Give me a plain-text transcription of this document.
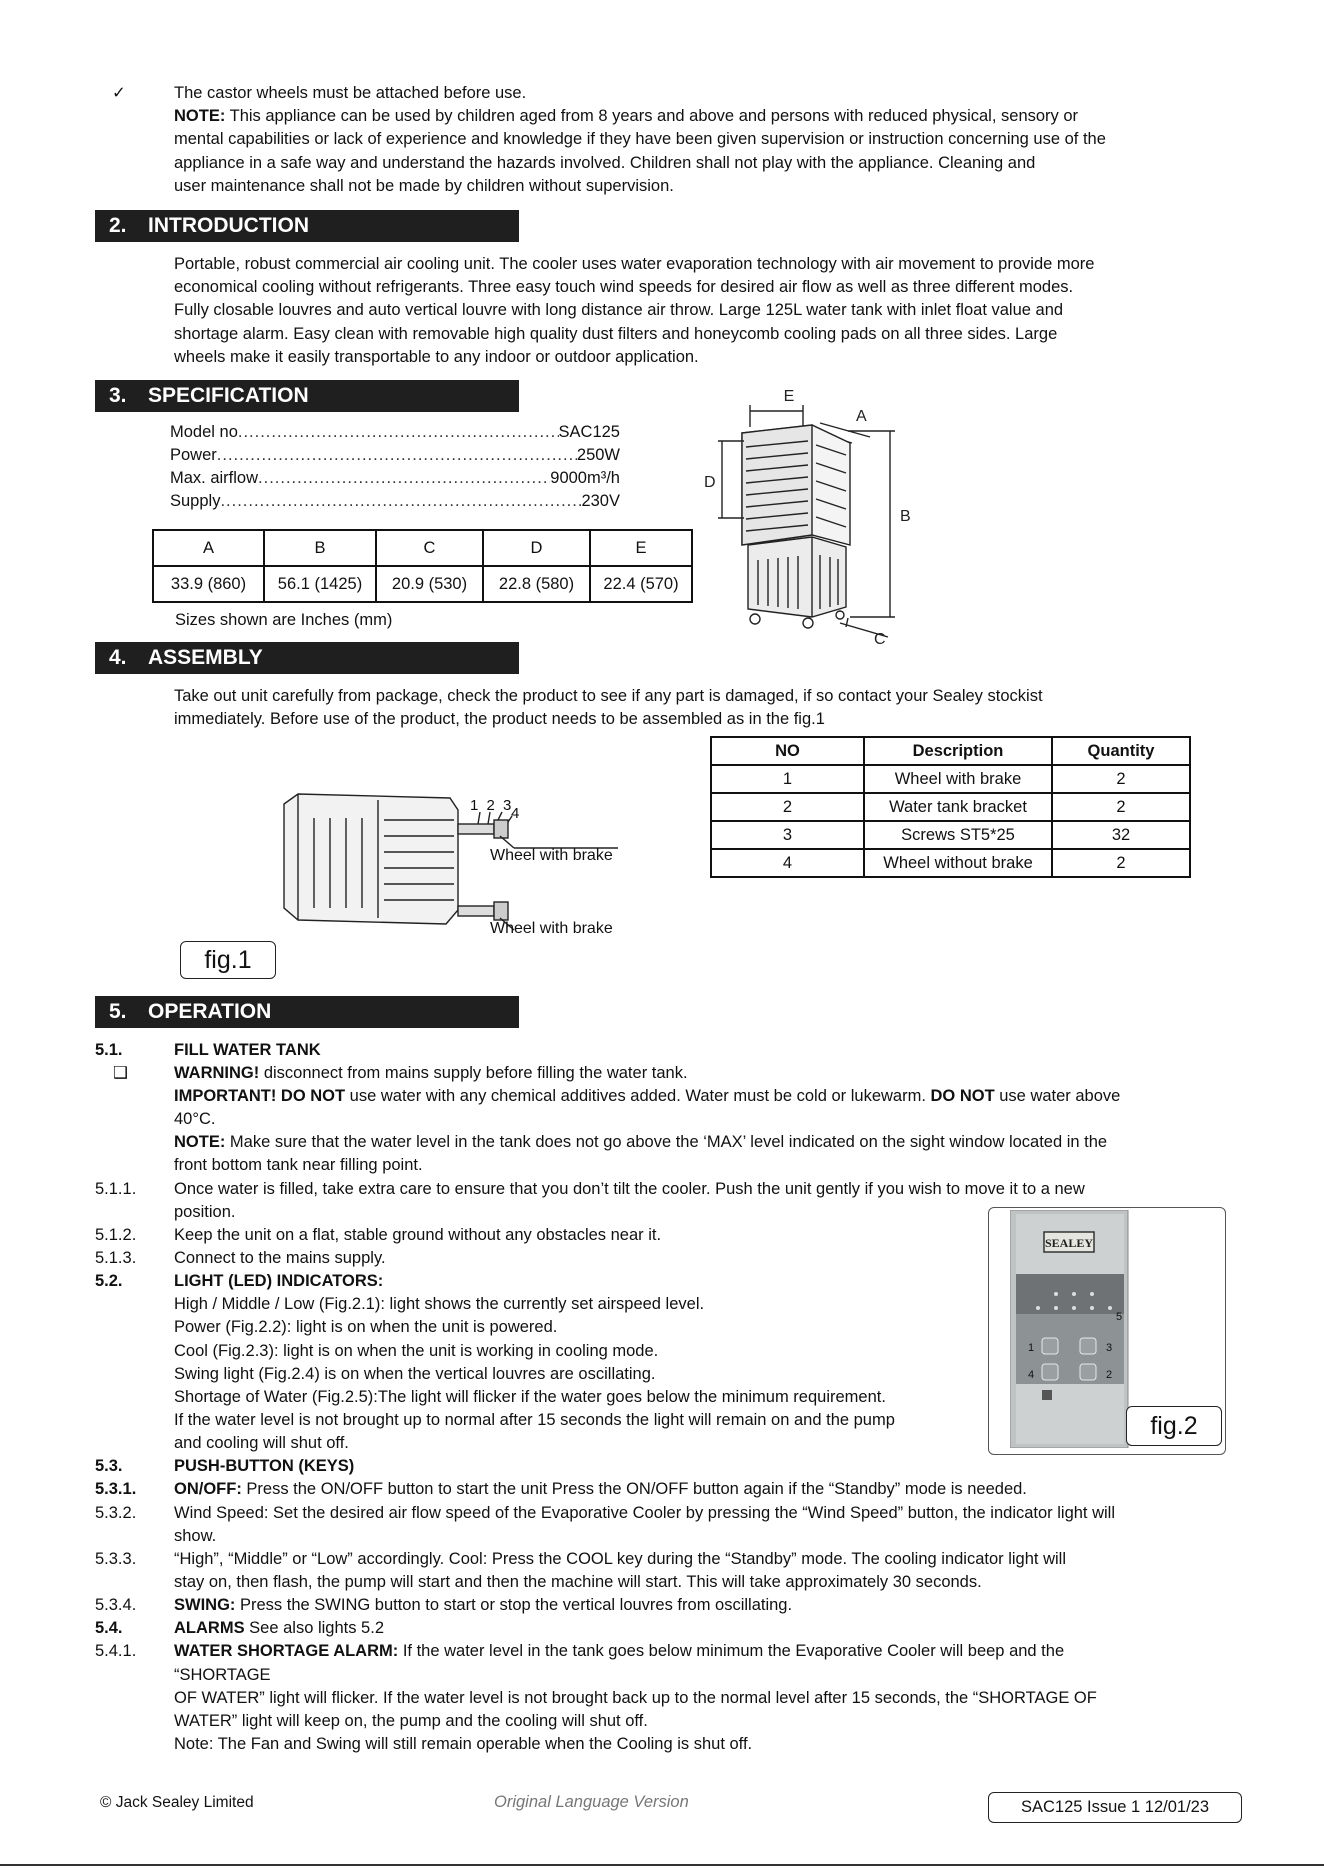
✓	The castor wheels must be attached before use.
NOTE: This appliance can be used by children aged from 8 years and above and persons with reduced physical, sensory or
mental capabilities or lack of experience and knowledge if they have been given supervision or instruction concerning use of the
appliance in a safe way and understand the hazards involved. Children shall not play with the appliance. Cleaning and
user maintenance shall not be made by children without supervision.
2. INTRODUCTION
Portable, robust commercial air cooling unit. The cooler uses water evaporation technology with air movement to provide more
economical cooling without refrigerants. Three easy touch wind speeds for desired air flow as well as three different modes.
Fully closable louvres and auto vertical louvre with long distance air throw. Large 125L water tank with inlet float value and
shortage alarm. Easy clean with removable high quality dust filters and honeycomb cooling pads on all three sides. Large
wheels make it easily transportable to any indoor or outdoor application.
3. SPECIFICATION
Model no .....	SAC125
Power .....	250W
Max. airflow .....	9000m³/h
Supply .....	230V
A	B	C	D	E
33.9 (860)	56.1 (1425)	20.9 (530)	22.8 (580)	22.4 (570)
Sizes shown are Inches (mm)
E
A
B
D
C
4. ASSEMBLY
Take out unit carefully from package, check the product to see if any part is damaged, if so contact your Sealey stockist
immediately. Before use of the product, the product needs to be assembled as in the fig.1
NO	Description	Quantity
1	Wheel with brake	2
2	Water tank bracket	2
3	Screws ST5*25	32
4	Wheel without brake	2
1 2 3
4
Wheel with brake
Wheel with brake
fig.1
5. OPERATION
5.1.	FILL WATER TANK
❑	WARNING! disconnect from mains supply before filling the water tank.
IMPORTANT! DO NOT use water with any chemical additives added. Water must be cold or lukewarm. DO NOT use water above
40°C.
NOTE: Make sure that the water level in the tank does not go above the ‘MAX’ level indicated on the sight window located in the
front bottom tank near filling point.
5.1.1.	Once water is filled, take extra care to ensure that you don’t tilt the cooler. Push the unit gently if you wish to move it to a new
position.
5.1.2.	Keep the unit on a flat, stable ground without any obstacles near it.
5.1.3.	Connect to the mains supply.
5.2.	LIGHT (LED) INDICATORS:
High / Middle / Low (Fig.2.1): light shows the currently set airspeed level.
Power (Fig.2.2): light is on when the unit is powered.
Cool (Fig.2.3): light is on when the unit is working in cooling mode.
Swing light (Fig.2.4) is on when the vertical louvres are oscillating.
Shortage of Water (Fig.2.5):The light will flicker if the water goes below the minimum requirement.
If the water level is not brought up to normal after 15 seconds the light will remain on and the pump
and cooling will shut off.
5.3.	PUSH-BUTTON (KEYS)
5.3.1.	ON/OFF: Press the ON/OFF button to start the unit Press the ON/OFF button again if the “Standby” mode is needed.
5.3.2.	Wind Speed: Set the desired air flow speed of the Evaporative Cooler by pressing the “Wind Speed” button, the indicator light will
show.
5.3.3.	“High”, “Middle” or “Low” accordingly. Cool: Press the COOL key during the “Standby” mode. The cooling indicator light will
stay on, then flash, the pump will start and then the machine will start. This will take approximately 30 seconds.
5.3.4.	SWING: Press the SWING button to start or stop the vertical louvres from oscillating.
5.4.	ALARMS See also lights 5.2
5.4.1.	WATER SHORTAGE ALARM: If the water level in the tank goes below minimum the Evaporative Cooler will beep and the
“SHORTAGE
OF WATER” light will flicker. If the water level is not brought back up to the normal level after 15 seconds, the “SHORTAGE OF
WATER” light will keep on, the pump and the cooling will shut off.
Note: The Fan and Swing will still remain operable when the Cooling is shut off.
SEALEY
1
2
3
4
5
fig.2
© Jack Sealey Limited	Original Language Version	SAC125 Issue 1 12/01/23
